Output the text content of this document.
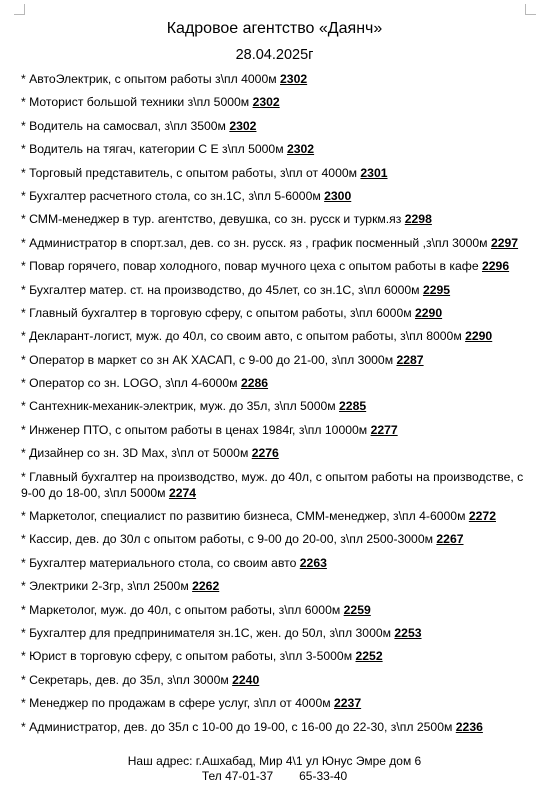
Кадровое агентство «Даянч»
28.04.2025г
* АвтоЭлектрик, с опытом работы з\пл 4000м 2302
* Моторист большой техники з\пл 5000м 2302
* Водитель на самосвал, з\пл 3500м 2302
* Водитель на тягач, категории С Е з\пл 5000м 2302
* Торговый представитель, с опытом работы, з\пл от 4000м 2301
* Бухгалтер расчетного стола, со зн.1С, з\пл 5-6000м 2300
* СММ-менеджер в тур. агентство, девушка, со зн. русск и туркм.яз 2298
* Администратор в спорт.зал, дев. со зн. русск. яз , график посменный ,з\пл 3000м 2297
* Повар горячего, повар холодного, повар мучного цеха с опытом работы в кафе 2296
* Бухгалтер матер. ст. на производство, до 45лет, со зн.1С, з\пл 6000м 2295
* Главный бухгалтер в торговую сферу, с опытом работы, з\пл 6000м 2290
* Декларант-логист, муж. до 40л, со своим авто, с опытом работы, з\пл 8000м 2290
* Оператор в маркет со зн АК ХАСАП, с 9-00 до 21-00, з\пл 3000м 2287
* Оператор со зн. LOGO, з\пл 4-6000м 2286
* Сантехник-механик-электрик, муж. до 35л, з\пл 5000м 2285
* Инженер ПТО, с опытом работы в ценах 1984г, з\пл 10000м 2277
* Дизайнер со зн. 3D Max, з\пл от 5000м 2276
* Главный бухгалтер на производство, муж. до 40л, с опытом работы на производстве, с 9-00 до 18-00, з\пл 5000м 2274
* Маркетолог, специалист по развитию бизнеса, СММ-менеджер, з\пл 4-6000м 2272
* Кассир, дев. до 30л с опытом работы, с 9-00 до 20-00, з\пл 2500-3000м 2267
* Бухгалтер материального стола, со своим авто 2263
* Электрики 2-3гр, з\пл 2500м 2262
* Маркетолог, муж. до 40л, с опытом работы, з\пл 6000м 2259
* Бухгалтер для предпринимателя зн.1С, жен. до 50л, з\пл 3000м 2253
* Юрист в торговую сферу, с опытом работы, з\пл 3-5000м 2252
* Секретарь, дев. до 35л, з\пл 3000м 2240
* Менеджер по продажам в сфере услуг, з\пл от 4000м 2237
* Администратор, дев. до 35л с 10-00 до 19-00, с 16-00 до 22-30, з\пл 2500м 2236
Наш адрес: г.Ашхабад, Мир 4\1 ул Юнус Эмре дом 6
Тел 47-01-37 65-33-40
